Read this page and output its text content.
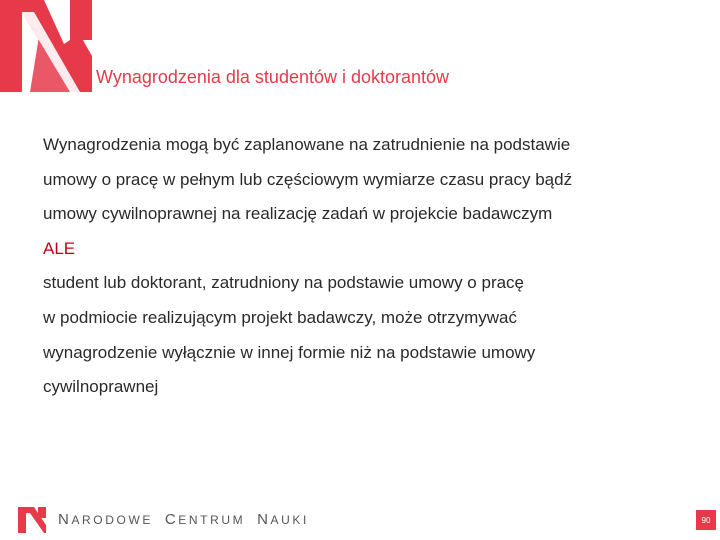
Wynagrodzenia dla studentów i doktorantów
Wynagrodzenia mogą być zaplanowane na zatrudnienie na podstawie
umowy o pracę w pełnym lub częściowym wymiarze czasu pracy bądź
umowy cywilnoprawnej na realizację zadań w projekcie badawczym
ALE
student lub doktorant, zatrudniony na podstawie umowy o pracę
w podmiocie realizującym projekt badawczy, może otrzymywać
wynagrodzenie wyłącznie w innej formie niż na podstawie umowy
cywilnoprawnej
NARODOWE CENTRUM NAUKI	90
